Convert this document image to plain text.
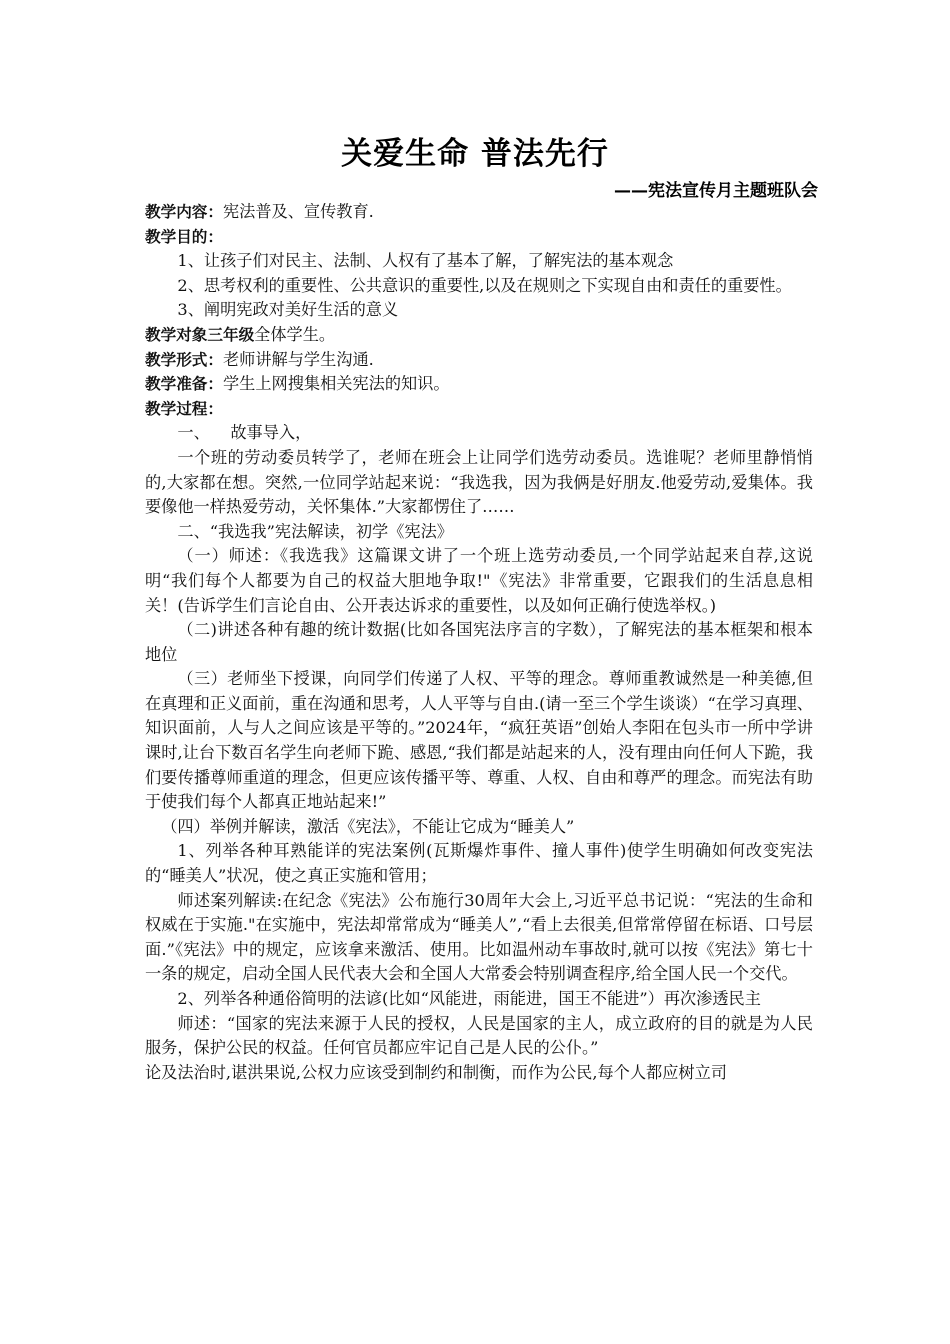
关爱生命 普法先行
——宪法宣传月主题班队会

教学内容：宪法普及、宣传教育.

教学目的：

1、让孩子们对民主、法制、人权有了基本了解，了解宪法的基本观念

2、思考权利的重要性、公共意识的重要性,以及在规则之下实现自由和责任的重要性。

3、阐明宪政对美好生活的意义

教学对象三年级全体学生。

教学形式：老师讲解与学生沟通.

教学准备：学生上网搜集相关宪法的知识。

教学过程：

一、    故事导入，

一个班的劳动委员转学了，老师在班会上让同学们选劳动委员。选谁呢？老师里静悄悄的,大家都在想。突然,一位同学站起来说：“我选我，因为我俩是好朋友.他爱劳动,爱集体。我要像他一样热爱劳动，关怀集体.”大家都愣住了……

二、“我选我”宪法解读，初学《宪法》

（一）师述：《我选我》这篇课文讲了一个班上选劳动委员,一个同学站起来自荐,这说明“我们每个人都要为自己的权益大胆地争取!"《宪法》非常重要，它跟我们的生活息息相关！(告诉学生们言论自由、公开表达诉求的重要性，以及如何正确行使选举权。)

（二)讲述各种有趣的统计数据(比如各国宪法序言的字数），了解宪法的基本框架和根本地位

（三）老师坐下授课，向同学们传递了人权、平等的理念。尊师重教诚然是一种美德,但在真理和正义面前，重在沟通和思考，人人平等与自由.(请一至三个学生谈谈）“在学习真理、知识面前，人与人之间应该是平等的。”2024年，“疯狂英语”创始人李阳在包头市一所中学讲课时,让台下数百名学生向老师下跪、感恩,“我们都是站起来的人，没有理由向任何人下跪，我们要传播尊师重道的理念，但更应该传播平等、尊重、人权、自由和尊严的理念。而宪法有助于使我们每个人都真正地站起来!”

（四）举例并解读，激活《宪法》，不能让它成为“睡美人”

1、列举各种耳熟能详的宪法案例(瓦斯爆炸事件、撞人事件)使学生明确如何改变宪法的“睡美人”状况，使之真正实施和管用；

师述案列解读:在纪念《宪法》公布施行30周年大会上,习近平总书记说：“宪法的生命和权威在于实施."在实施中，宪法却常常成为“睡美人”,“看上去很美,但常常停留在标语、口号层面.”《宪法》中的规定，应该拿来激活、使用。比如温州动车事故时,就可以按《宪法》第七十一条的规定，启动全国人民代表大会和全国人大常委会特别调查程序,给全国人民一个交代。

2、列举各种通俗简明的法谚(比如“风能进，雨能进，国王不能进”）再次渗透民主

师述：“国家的宪法来源于人民的授权，人民是国家的主人，成立政府的目的就是为人民服务，保护公民的权益。任何官员都应牢记自己是人民的公仆。”

论及法治时,谌洪果说,公权力应该受到制约和制衡，而作为公民,每个人都应树立司
